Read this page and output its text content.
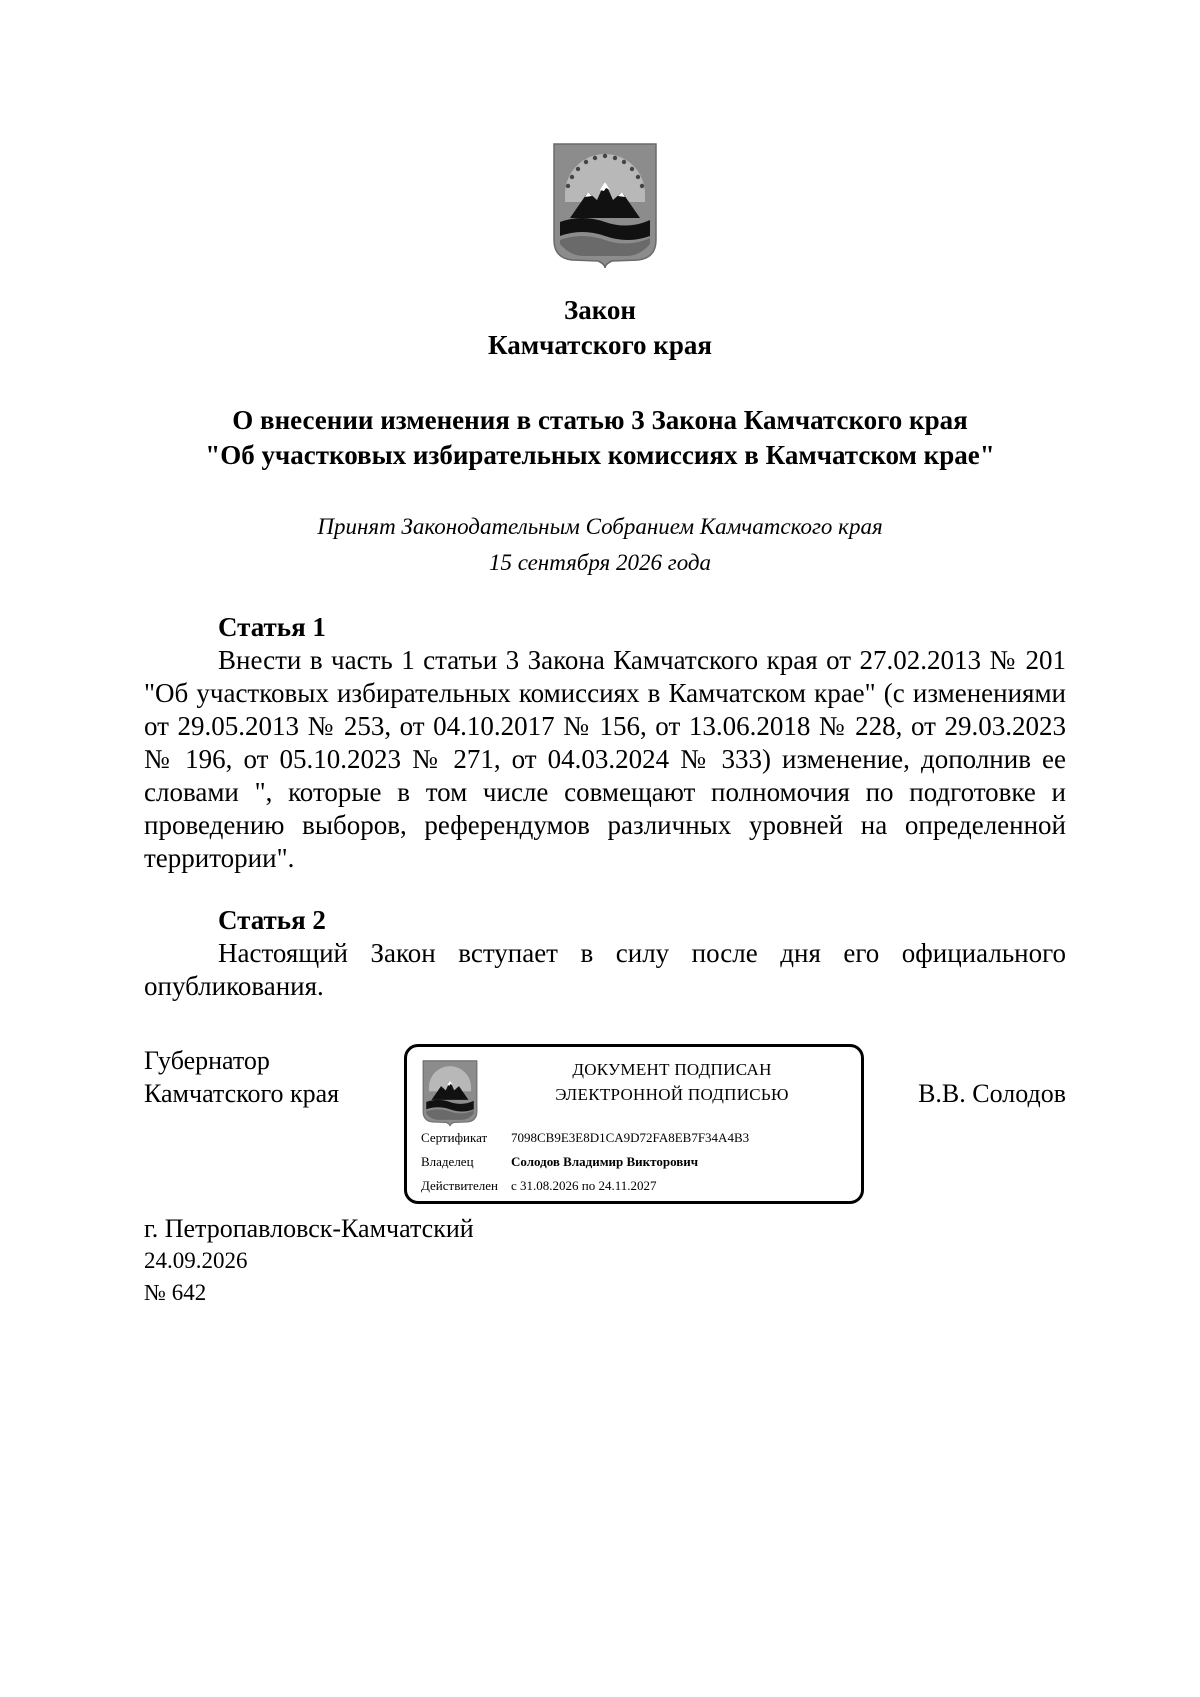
Закон
Камчатского края
О внесении изменения в статью 3 Закона Камчатского края
"Об участковых избирательных комиссиях в Камчатском крае"
Принят Законодательным Собранием Камчатского края
15 сентября 2026 года
Статья 1

Внести в часть 1 статьи 3 Закона Камчатского края от 27.02.2013 № 201 "Об участковых избирательных комиссиях в Камчатском крае" (с изменениями от 29.05.2013 № 253, от 04.10.2017 № 156, от 13.06.2018 № 228, от 29.03.2023 № 196, от 05.10.2023 № 271, от 04.03.2024 № 333) изменение, дополнив ее словами ", которые в том числе совмещают полномочия по подготовке и проведению выборов, референдумов различных уровней на определенной территории".

Статья 2

Настоящий Закон вступает в силу после дня его официального опубликования.

Губернатор
Камчатского края
ДОКУМЕНТ ПОДПИСАН
ЭЛЕКТРОННОЙ ПОДПИСЬЮ
Сертификат 7098CB9E3E8D1CA9D72FA8EB7F34A4B3
Владелец	Солодов Владимир Викторович
Действителен с 31.08.2026 по 24.11.2027
В.В. Солодов
г. Петропавловск-Камчатский
24.09.2026
№ 642
